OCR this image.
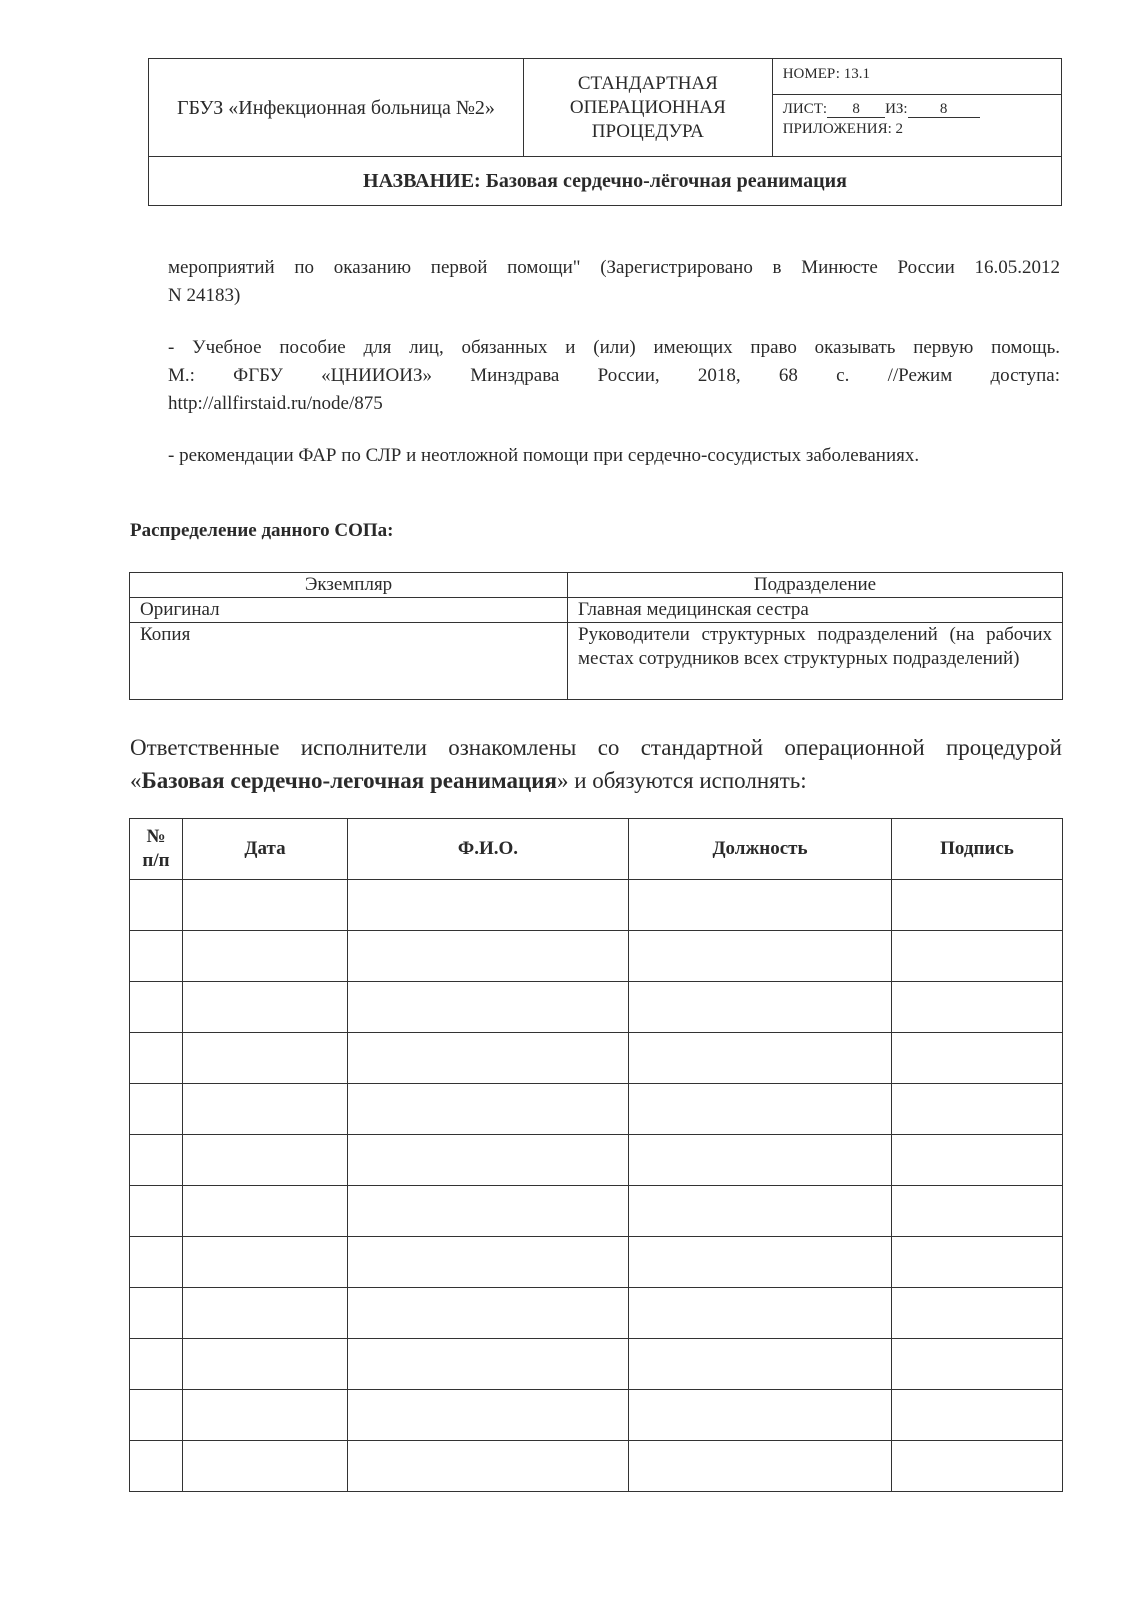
ГБУЗ «Инфекционная больница №2»	
СТАНДАРТНАЯ
ОПЕРАЦИОННАЯ
ПРОЦЕДУРА

НОМЕР: 13.1
ЛИСТ: 8 ИЗ: 8
ПРИЛОЖЕНИЯ: 2

НАЗВАНИЕ: Базовая сердечно-лёгочная реанимация
мероприятий по оказанию первой помощи" (Зарегистрировано в Минюсте России 16.05.2012
N 24183)
- Учебное пособие для лиц, обязанных и (или) имеющих право оказывать первую помощь.
М.: ФГБУ «ЦНИИОИЗ» Минздрава России, 2018, 68 с. //Режим доступа:
http://allfirstaid.ru/node/875
- рекомендации ФАР по СЛР и неотложной помощи при сердечно-сосудистых заболеваниях.
Распределение данного СОПа:
Экземпляр	Подразделение
Оригинал	Главная медицинская сестра
Копия	Руководители структурных подразделений (на рабочих местах сотрудников всех структурных подразделений)
Ответственные исполнители ознакомлены со стандартной операционной процедурой «Базовая сердечно-легочная реанимация» и обязуются исполнять:
№
п/п	Дата	Ф.И.О.	Должность	Подпись
